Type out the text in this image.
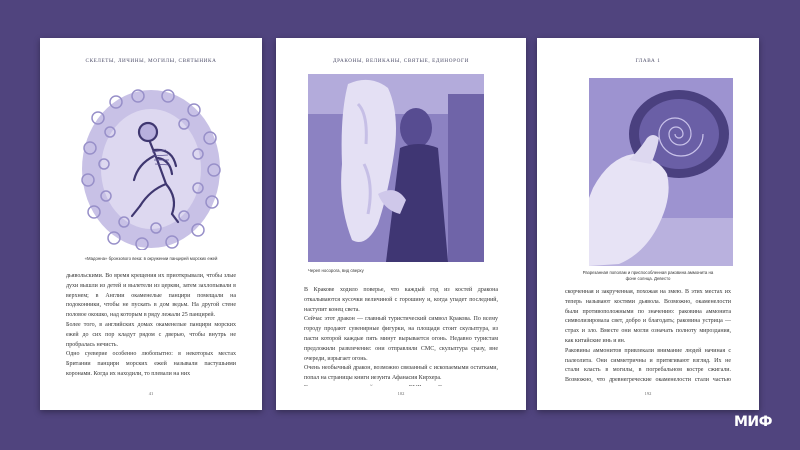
СКЕЛЕТЫ, ЛИЧИНЫ, МОГИЛЫ, СВЯТЫНИКА
«Мадонна» бронзового века: в окружении панцирей морских ежей
дьявольскими. Во время крещения их приоткрывали, чтобы злые духи вышли из детей и вылетели из церкви, затем захлопывали в верхнем; в Англии окаменелые панцири помещали на подоконники, чтобы не пускать в дом ведьм. На другой стене половое окошко, над которым в ряду лежали 25 панцирей.
Более того, в английских домах окаменелые панцири морских ежей до сих пор кладут рядом с дверью, чтобы внутрь не пробралась нечисть.
Одно суеверие особенно любопытно: в некоторых местах Британии панцири морских ежей называли пастушьими коронами. Когда их находили, то плевали на них
41
ДРАКОНЫ, ВЕЛИКАНЫ, СВЯТЫЕ, ЕДИНОРОГИ
Череп носорога, вид сверху
В Кракове ходило поверье, что каждый год из костей дракона откалываются кусочки величиной с горошину и, когда упадет последний, наступит конец света.
Сейчас этот дракон — главный туристический символ Кракова. По всему городу продают сувенирные фигурки, на площади стоит скульптура, из пасти которой каждые пять минут вырывается огонь. Недавно туристам предложили развлечение: они отправляли СМС, скульптура сразу, вне очереди, изрыгает огонь.
Очень необычный дракон, возможно связанный с ископаемыми остатками, попал на страницы книги иезуита Афанасия Кирхера.

102
ГЛАВА 1
Разрезанная пополам и приспособленная раковина аммонита на фоне солнца. Девесто
скорченная и закрученная, похожая на змею. В этих местах их теперь называют костями дьявола. Возможно, окаменелости были противоположными по значению: раковина аммонита символизировала свет, добро и благодать; раковина устрица — страх и зло. Вместе они могли означать полноту мироздания, как китайские инь и ян.
Раковины аммонитов привлекали внимание людей начиная с палеолита. Они симметричны и притягивают взгляд. Их не стали класть в могилы, в погребальном костре сжигали. Возможно, что древнегреческие окаменелости стали частью
192
МИФ
